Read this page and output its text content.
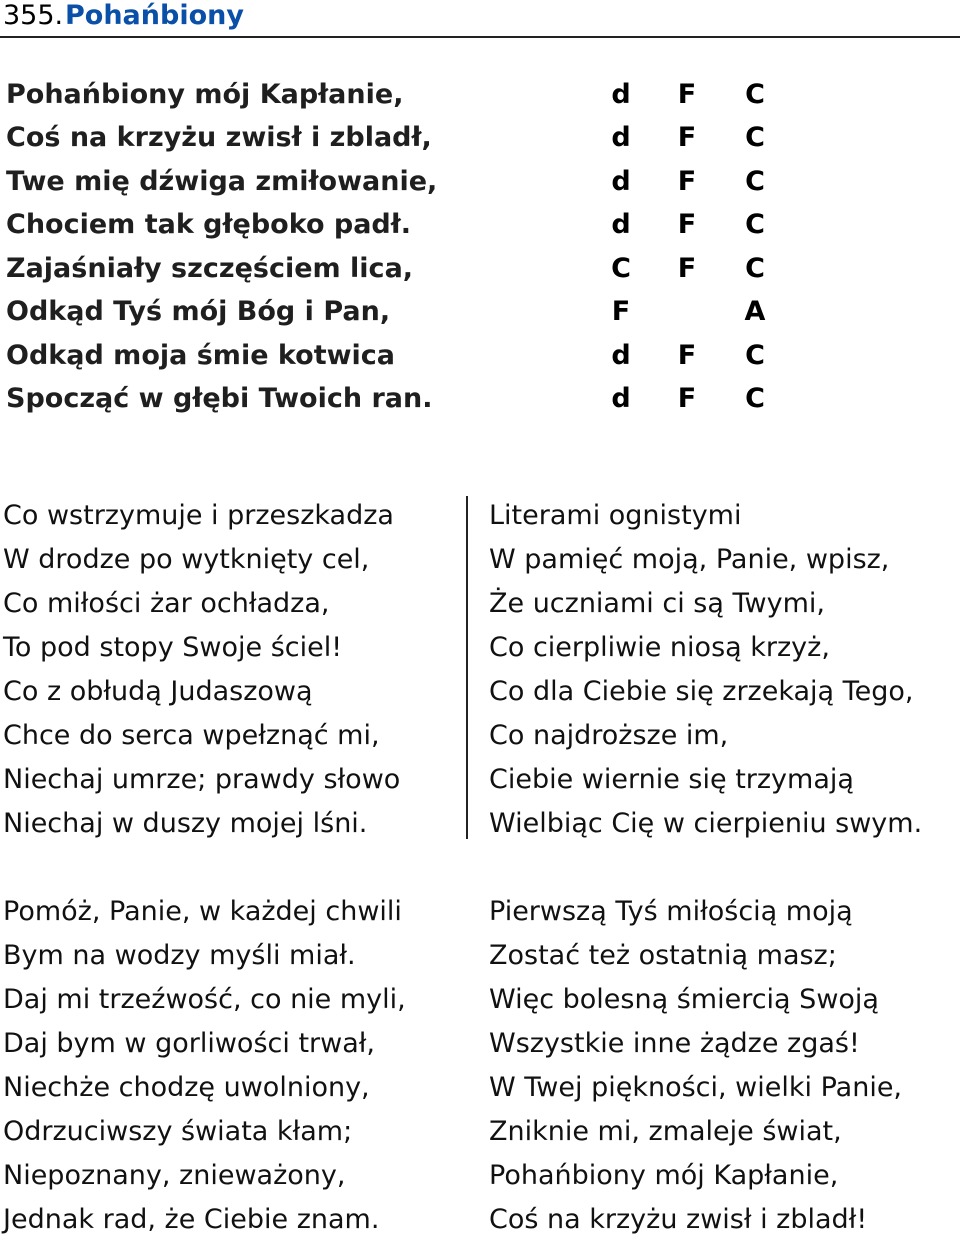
355. Pohańbiony
Pohańbiony mój Kapłanie,
Coś na krzyżu zwisł i zbladł,
Twe mię dźwiga zmiłowanie,
Chociem tak głęboko padł.
Zajaśniały szczęściem lica,
Odkąd Tyś mój Bóg i Pan,
Odkąd moja śmie kotwica
Spocząć w głębi Twoich ran.
d F C
d F C
d F C
d F C
C F C
F	A
d F C
d F C
Co wstrzymuje i przeszkadza
W drodze po wytknięty cel,
Co miłości żar ochładza,
To pod stopy Swoje ściel!
Co z obłudą Judaszową
Chce do serca wpełznąć mi,
Niechaj umrze; prawdy słowo
Niechaj w duszy mojej lśni.
Literami ognistymi
W pamięć moją, Panie, wpisz,
Że uczniami ci są Twymi,
Co cierpliwie niosą krzyż,
Co dla Ciebie się zrzekają Tego,
Co najdroższe im,
Ciebie wiernie się trzymają
Wielbiąc Cię w cierpieniu swym.
Pomóż, Panie, w każdej chwili
Bym na wodzy myśli miał.
Daj mi trzeźwość, co nie myli,
Daj bym w gorliwości trwał,
Niechże chodzę uwolniony,
Odrzuciwszy świata kłam;
Niepoznany, znieważony,
Jednak rad, że Ciebie znam.
Pierwszą Tyś miłością moją
Zostać też ostatnią masz;
Więc bolesną śmiercią Swoją
Wszystkie inne żądze zgaś!
W Twej piękności, wielki Panie,
Zniknie mi, zmaleje świat,
Pohańbiony mój Kapłanie,
Coś na krzyżu zwisł i zbladł!
